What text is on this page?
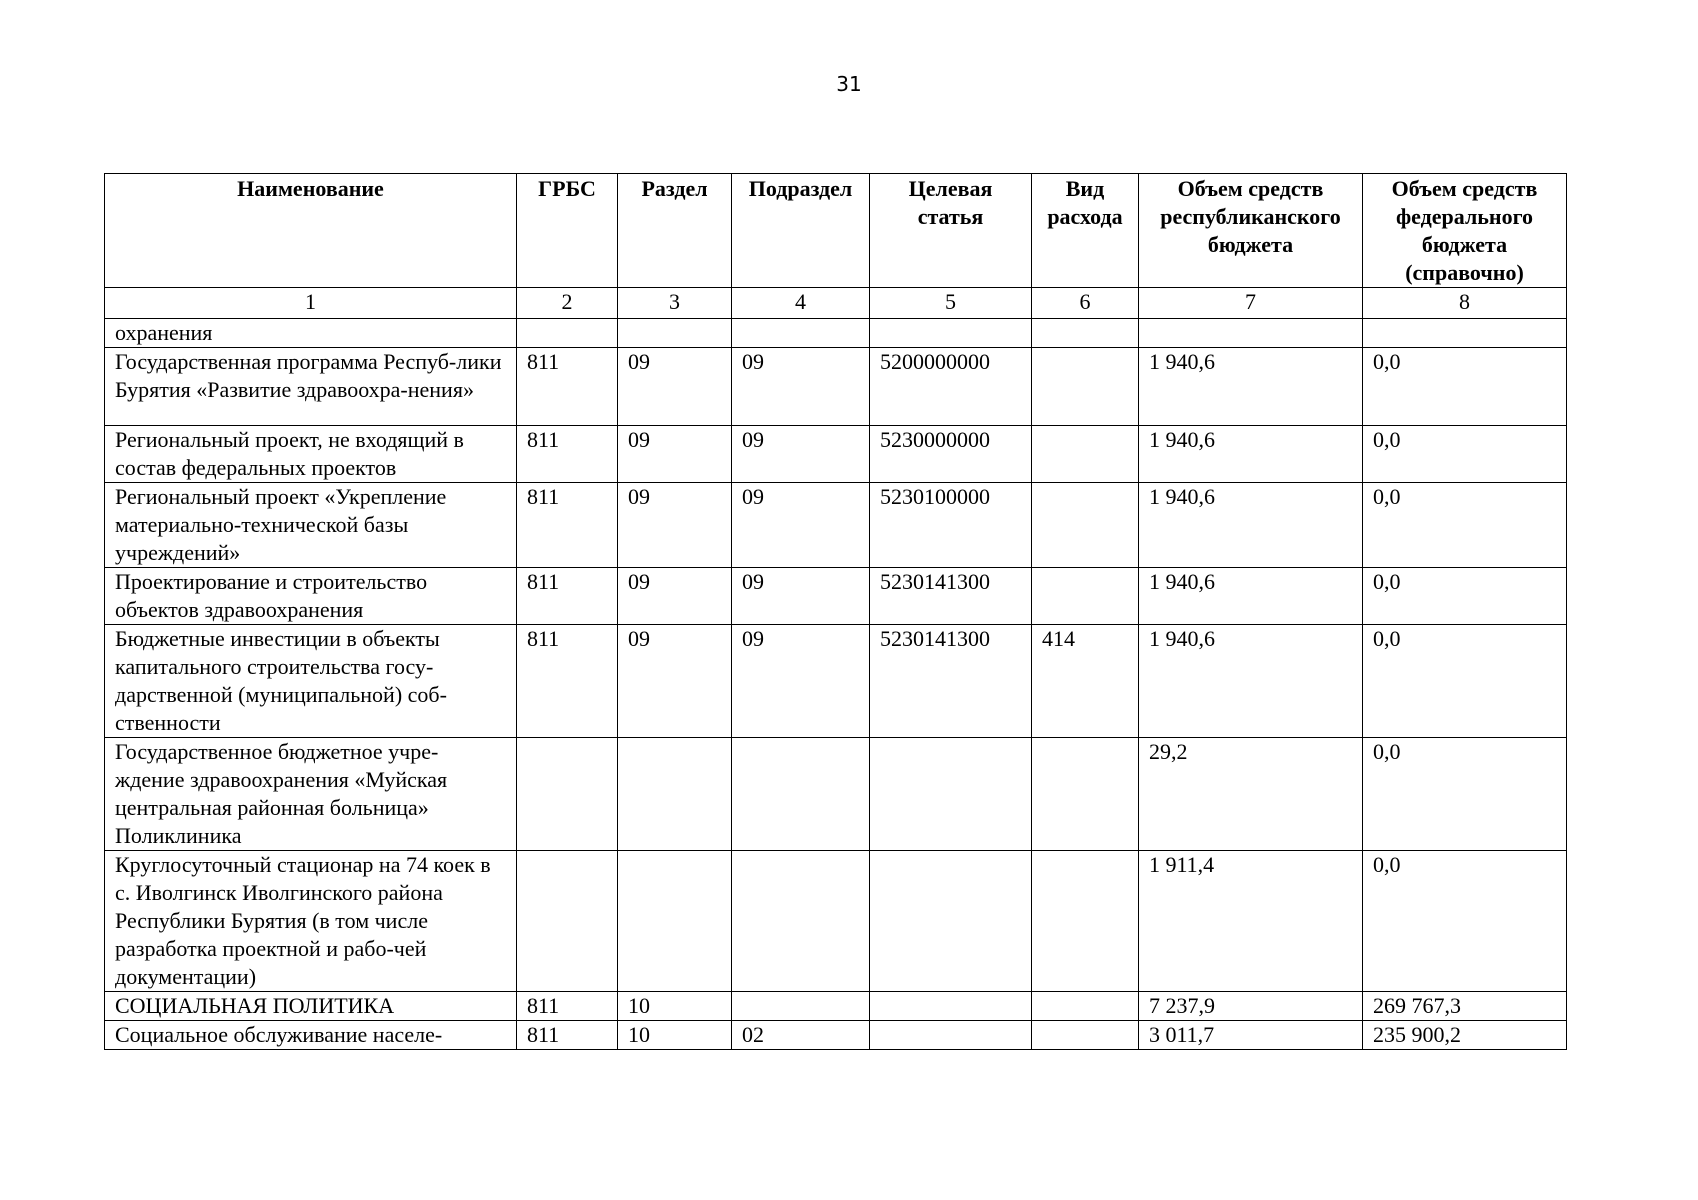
31
Наименование	ГРБС	Раздел	Подраздел	Целевая статья	Вид расхода	Объем средств республиканского бюджета	Объем средств федерального бюджета (справочно)
1	2	3	4	5	6	7	8
охранения							
Государственная программа Респуб-лики Бурятия «Развитие здравоохра-нения»	811	09	09	5200000000		1 940,6	0,0
Региональный проект, не входящий в состав федеральных проектов	811	09	09	5230000000		1 940,6	0,0
Региональный проект «Укрепление материально-технической базы учреждений»	811	09	09	5230100000		1 940,6	0,0
Проектирование и строительство объектов здравоохранения	811	09	09	5230141300		1 940,6	0,0
Бюджетные инвестиции в объекты капитального строительства госу-дарственной (муниципальной) соб-ственности	811	09	09	5230141300	414	1 940,6	0,0
Государственное бюджетное учре-ждение здравоохранения «Муйская центральная районная больница» Поликлиника						29,2	0,0
Круглосуточный стационар на 74 коек в с. Иволгинск Иволгинского района Республики Бурятия (в том числе разработка проектной и рабо-чей документации)						1 911,4	0,0
СОЦИАЛЬНАЯ ПОЛИТИКА	811	10				7 237,9	269 767,3
Социальное обслуживание населе-	811	10	02			3 011,7	235 900,2
